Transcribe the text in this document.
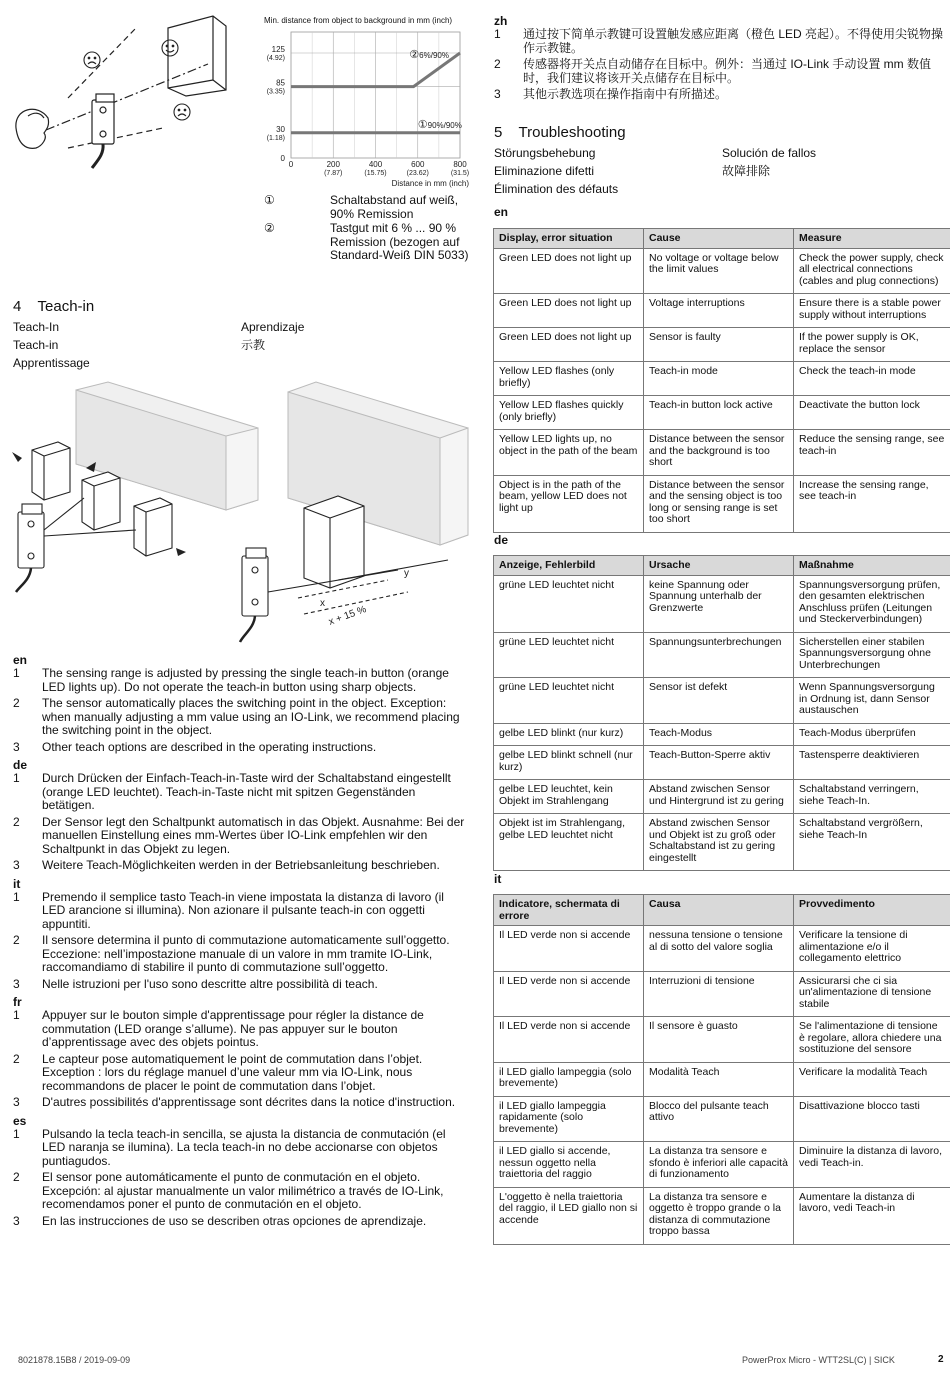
Min. distance from object to background in mm (inch)
0	200
(7.87)
400
(15.75)
600
(23.62)
800
(31.5)
0
30
(1.18)
85
(3.35)
125
(4.92)
①90%/90%
②6%/90%
Distance in mm (inch)
①	Schaltabstand auf weiß, 90% Remission
②	Tastgut mit 6 % ... 90 % Remission (bezogen auf Standard-Weiß DIN 5033)
4 Teach-in
Teach-In
Teach-in
Apprentissage
Aprendizaje
示教
x
x + 15 %
y
en
1 The sensing range is adjusted by pressing the single teach-in button (orange LED lights up). Do not operate the teach-in button using sharp objects.
2 The sensor automatically places the switching point in the object. Exception: when manually adjusting a mm value using an IO-Link, we recommend placing the switching point in the object.
3 Other teach options are described in the operating instructions.
de
1 Durch Drücken der Einfach-Teach-in-Taste wird der Schaltabstand eingestellt (orange LED leuchtet). Teach-in-Taste nicht mit spitzen Gegenständen betätigen.
2 Der Sensor legt den Schaltpunkt automatisch in das Objekt. Ausnahme: Bei der manuellen Einstellung eines mm-Wertes über IO-Link empfehlen wir den Schaltpunkt in das Objekt zu legen.
3 Weitere Teach-Möglichkeiten werden in der Betriebsanleitung beschrieben.
it
1 Premendo il semplice tasto Teach-in viene impostata la distanza di lavoro (il LED arancione si illumina). Non azionare il pulsante teach-in con oggetti appuntiti.
2 Il sensore determina il punto di commutazione automaticamente sull’oggetto. Eccezione: nell’impostazione manuale di un valore in mm tramite IO-Link, raccomandiamo di stabilire il punto di commutazione sull’oggetto.
3 Nelle istruzioni per l'uso sono descritte altre possibilità di teach.
fr
1 Appuyer sur le bouton simple d'apprentissage pour régler la distance de commutation (LED orange s’allume). Ne pas appuyer sur le bouton d’apprentissage avec des objets pointus.
2 Le capteur pose automatiquement le point de commutation dans l’objet. Exception : lors du réglage manuel d’une valeur mm via IO-Link, nous recommandons de placer le point de commutation dans l’objet.
3 D'autres possibilités d'apprentissage sont décrites dans la notice d'instruction.
es
1 Pulsando la tecla teach-in sencilla, se ajusta la distancia de conmutación (el LED naranja se ilumina). La tecla teach-in no debe accionarse con objetos puntiagudos.
2 El sensor pone automáticamente el punto de conmutación en el objeto. Excepción: al ajustar manualmente un valor milimétrico a través de IO-Link, recomendamos poner el punto de conmutación en el objeto.
3 En las instrucciones de uso se describen otras opciones de aprendizaje.
zh
1 通过按下简单示教键可设置触发感应距离（橙色 LED 亮起）。不得使用尖锐物操作示教键。
2 传感器将开关点自动储存在目标中。例外：当通过 IO-Link 手动设置 mm 数值时，我们建议将该开关点储存在目标中。
3 其他示教选项在操作指南中有所描述。
5 Troubleshooting
Störungsbehebung
Eliminazione difetti
Élimination des défauts
Solución de fallos
故障排除
en
Display, error situation	Cause	Measure
Green LED does not light up	No voltage or voltage below the limit values	Check the power supply, check all electrical connections (cables and plug connections)
Green LED does not light up	Voltage interruptions	Ensure there is a stable power supply without interruptions
Green LED does not light up	Sensor is faulty	If the power supply is OK, replace the sensor
Yellow LED flashes (only briefly)	Teach-in mode	Check the teach-in mode
Yellow LED flashes quickly (only briefly)	Teach-in button lock active	Deactivate the button lock
Yellow LED lights up, no object in the path of the beam	Distance between the sensor and the background is too short	Reduce the sensing range, see teach-in
Object is in the path of the beam, yellow LED does not light up	Distance between the sensor and the sensing object is too long or sensing range is set too short	Increase the sensing range, see teach-in
de
Anzeige, Fehlerbild	Ursache	Maßnahme
grüne LED leuchtet nicht	keine Spannung oder Spannung unterhalb der Grenzwerte	Spannungsversorgung prüfen, den gesamten elektrischen Anschluss prüfen (Leitungen und Steckerverbindungen)
grüne LED leuchtet nicht	Spannungsunterbrechungen	Sicherstellen einer stabilen Spannungsversorgung ohne Unterbrechungen
grüne LED leuchtet nicht	Sensor ist defekt	Wenn Spannungsversorgung in Ordnung ist, dann Sensor austauschen
gelbe LED blinkt (nur kurz)	Teach-Modus	Teach-Modus überprüfen
gelbe LED blinkt schnell (nur kurz)	Teach-Button-Sperre aktiv	Tastensperre deaktivieren
gelbe LED leuchtet, kein Objekt im Strahlengang	Abstand zwischen Sensor und Hintergrund ist zu gering	Schaltabstand verringern, siehe Teach-In.
Objekt ist im Strahlengang, gelbe LED leuchtet nicht	Abstand zwischen Sensor und Objekt ist zu groß oder Schaltabstand ist zu gering eingestellt	Schaltabstand vergrößern, siehe Teach-In
it
Indicatore, schermata di errore	Causa	Provvedimento
Il LED verde non si accende	nessuna tensione o tensione al di sotto del valore soglia	Verificare la tensione di alimentazione e/o il collegamento elettrico
Il LED verde non si accende	Interruzioni di tensione	Assicurarsi che ci sia un'alimentazione di tensione stabile
Il LED verde non si accende	Il sensore è guasto	Se l'alimentazione di tensione è regolare, allora chiedere una sostituzione del sensore
il LED giallo lampeggia (solo brevemente)	Modalità Teach	Verificare la modalità Teach
il LED giallo lampeggia rapidamente (solo brevemente)	Blocco del pulsante teach attivo	Disattivazione blocco tasti
il LED giallo si accende, nessun oggetto nella traiettoria del raggio	La distanza tra sensore e sfondo è inferiori alle capacità di funzionamento	Diminuire la distanza di lavoro, vedi Teach-in.
L'oggetto è nella traiettoria del raggio, il LED giallo non si accende	La distanza tra sensore e oggetto è troppo grande o la distanza di commutazione troppo bassa	Aumentare la distanza di lavoro, vedi Teach-in
8021878.15B8 / 2019-09-09	PowerProx Micro - WTT2SL(C) | SICK	2
